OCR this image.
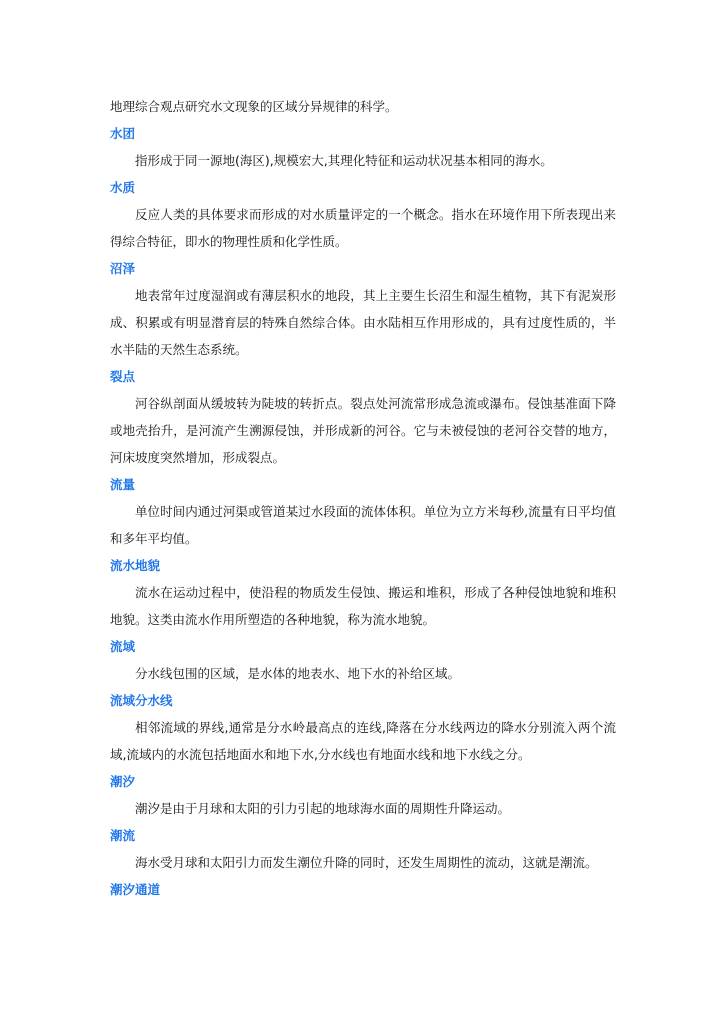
地理综合观点研究水文现象的区域分异规律的科学。

水团

指形成于同一源地(海区),规模宏大,其理化特征和运动状况基本相同的海水。

水质

反应人类的具体要求而形成的对水质量评定的一个概念。指水在环境作用下所表现出来得综合特征，即水的物理性质和化学性质。

沼泽

地表常年过度湿润或有薄层积水的地段，其上主要生长沼生和湿生植物，其下有泥炭形成、积累或有明显潜育层的特殊自然综合体。由水陆相互作用形成的，具有过度性质的，半水半陆的天然生态系统。

裂点

河谷纵剖面从缓坡转为陡坡的转折点。裂点处河流常形成急流或瀑布。侵蚀基准面下降或地壳抬升，是河流产生溯源侵蚀，并形成新的河谷。它与未被侵蚀的老河谷交替的地方，河床坡度突然增加，形成裂点。

流量

单位时间内通过河渠或管道某过水段面的流体体积。单位为立方米每秒,流量有日平均值和多年平均值。

流水地貌

流水在运动过程中，使沿程的物质发生侵蚀、搬运和堆积，形成了各种侵蚀地貌和堆积地貌。这类由流水作用所塑造的各种地貌，称为流水地貌。

流域

分水线包围的区域，是水体的地表水、地下水的补给区域。

流域分水线

相邻流域的界线,通常是分水岭最高点的连线,降落在分水线两边的降水分别流入两个流域,流域内的水流包括地面水和地下水,分水线也有地面水线和地下水线之分。

潮汐

潮汐是由于月球和太阳的引力引起的地球海水面的周期性升降运动。

潮流

海水受月球和太阳引力而发生潮位升降的同时，还发生周期性的流动，这就是潮流。

潮汐通道
